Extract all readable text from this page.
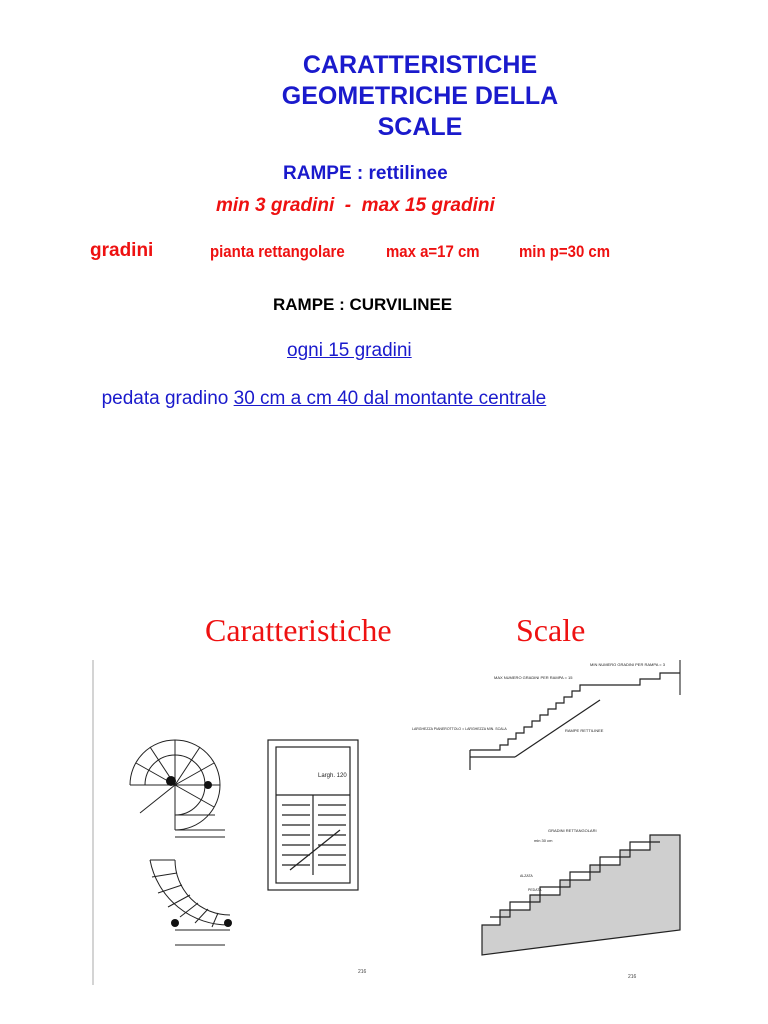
CARATTERISTICHE
GEOMETRICHE DELLA
SCALE
RAMPE : rettilinee
min 3 gradini  -  max 15 gradini
gradini	pianta rettangolare max a=17 cm min p=30 cm
RAMPE : CURVILINEE
ogni 15 gradini

pedata gradino 30 cm a cm 40 dal montante centrale

Caratteristiche	Scale
Largh. 120
MAX NUMERO GRADINI PER RAMPA = 15
MIN NUMERO GRADINI PER RAMPA = 3
LARGHEZZA PIANEROTTOLO = LARGHEZZA MIN. SCALA	RAMPE RETTILINEE
GRADINI RETTANGOLARI
min 30 cm
ALZATA
PEDATA
216
216
